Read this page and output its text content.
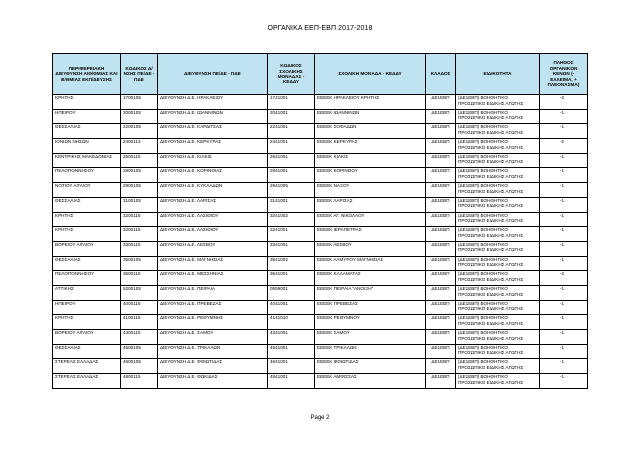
ΟΡΓΑΝΙΚΑ ΕΕΠ-ΕΒΠ 2017-2018
ΠΕΡΙΦΕΡΕΙΑΚΗ ΔΙΕΥΘΥΝΣΗ ΑΙΘ/ΘΜΙΑΣ ΚΑΙ Β/ΘΜΙΑΣ ΕΚΠ/ΔΕΥΣΗΣ	ΚΩΔΙΚΟΣ Δ/ΝΣΗΣ ΠΕ/ΔΕ - ΠΔΕ	ΔΙΕΥΘΥΝΣΗ ΠΕ/ΔΕ - ΠΔΕ	ΚΩΔΙΚΟΣ ΣΧΟΛΙΚΗΣ ΜΟΝΑΔΑΣ - ΚΕΔΔΥ	ΣΧΟΛΙΚΗ ΜΟΝΑΔΑ - ΚΕΔΔΥ	ΚΛΑΔΟΣ	ΕΙΔΙΚΟΤΗΤΑ	ΠΛΗΘΟΣ ΟΡΓΑΝΙΚΩΝ ΚΕΝΩΝ (- ΕΛΛΕΙΜΑ, + ΠΛΕΟΝΑΣΜΑ)
ΚΡΗΤΗΣ	1700105	ΔΙΕΥΘΥΝΣΗ Δ.Ε. ΗΡΑΚΛΕΙΟΥ	1741001	ΕΕΕΕΚ ΗΡΑΚΛΕΙΟΥ ΚΡΗΤΗΣ	ΔΕ1ΕΒΠ	(ΔΕ1ΕΒΠ) ΒΟΗΘΗΤΙΚΟ
ΠΡΟΣΩΠΙΚΟ ΕΙΔΙΚΗΣ ΑΓΩΓΗΣ	-2
ΗΠΕΙΡΟΥ	2000105	ΔΙΕΥΘΥΝΣΗ Δ.Ε. ΙΩΑΝΝΙΝΩΝ	2041001	ΕΕΕΕΚ ΙΩΑΝΝΙΝΩΝ	ΔΕ1ΕΒΠ	(ΔΕ1ΕΒΠ) ΒΟΗΘΗΤΙΚΟ
ΠΡΟΣΩΠΙΚΟ ΕΙΔΙΚΗΣ ΑΓΩΓΗΣ	-1
ΘΕΣΣΑΛΙΑΣ	2200105	ΔΙΕΥΘΥΝΣΗ Δ.Ε. ΚΑΡΔΙΤΣΑΣ	2241001	ΕΕΕΕΚ ΣΟΦΑΔΩΝ	ΔΕ1ΕΒΠ	(ΔΕ1ΕΒΠ) ΒΟΗΘΗΤΙΚΟ
ΠΡΟΣΩΠΙΚΟ ΕΙΔΙΚΗΣ ΑΓΩΓΗΣ	-1
ΙΟΝΙΩΝ ΝΗΣΩΝ	2400113	ΔΙΕΥΘΥΝΣΗ Δ.Ε. ΚΕΡΚΥΡΑΣ	2441001	ΕΕΕΕΚ ΚΕΡΚΥΡΑΣ	ΔΕ1ΕΒΠ	(ΔΕ1ΕΒΠ) ΒΟΗΘΗΤΙΚΟ
ΠΡΟΣΩΠΙΚΟ ΕΙΔΙΚΗΣ ΑΓΩΓΗΣ	-2
ΚΕΝΤΡΙΚΗΣ ΜΑΚΕΔΟΝΙΑΣ	2600115	ΔΙΕΥΘΥΝΣΗ Δ.Ε. ΚΙΛΚΙΣ	2641001	ΕΕΕΕΚ ΚΙΛΚΙΣ	ΔΕ1ΕΒΠ	(ΔΕ1ΕΒΠ) ΒΟΗΘΗΤΙΚΟ
ΠΡΟΣΩΠΙΚΟ ΕΙΔΙΚΗΣ ΑΓΩΓΗΣ	-1
ΠΕΛΟΠΟΝΝΗΣΟΥ	2800105	ΔΙΕΥΘΥΝΣΗ Δ.Ε. ΚΟΡΙΝΘΙΑΣ	2841001	ΕΕΕΕΚ ΚΟΡΙΝΘΟΥ	ΔΕ1ΕΒΠ	(ΔΕ1ΕΒΠ) ΒΟΗΘΗΤΙΚΟ
ΠΡΟΣΩΠΙΚΟ ΕΙΔΙΚΗΣ ΑΓΩΓΗΣ	-1
ΝΟΤΙΟΥ ΑΙΓΑΙΟΥ	2900105	ΔΙΕΥΘΥΝΣΗ Δ.Ε. ΚΥΚΛΑΔΩΝ	2941005	ΕΕΕΕΚ ΝΑΞΟΥ	ΔΕ1ΕΒΠ	(ΔΕ1ΕΒΠ) ΒΟΗΘΗΤΙΚΟ
ΠΡΟΣΩΠΙΚΟ ΕΙΔΙΚΗΣ ΑΓΩΓΗΣ	-1
ΘΕΣΣΑΛΙΑΣ	3100105	ΔΙΕΥΘΥΝΣΗ Δ.Ε. ΛΑΡΙΣΑΣ	3141001	ΕΕΕΕΚ ΛΑΡΙΣΑΣ	ΔΕ1ΕΒΠ	(ΔΕ1ΕΒΠ) ΒΟΗΘΗΤΙΚΟ
ΠΡΟΣΩΠΙΚΟ ΕΙΔΙΚΗΣ ΑΓΩΓΗΣ	-1
ΚΡΗΤΗΣ	3200115	ΔΙΕΥΘΥΝΣΗ Δ.Ε. ΛΑΣΙΘΙΟΥ	3241002	ΕΕΕΕΚ ΑΓ. ΝΙΚΟΛΑΟΥ	ΔΕ1ΕΒΠ	(ΔΕ1ΕΒΠ) ΒΟΗΘΗΤΙΚΟ
ΠΡΟΣΩΠΙΚΟ ΕΙΔΙΚΗΣ ΑΓΩΓΗΣ	-1
ΚΡΗΤΗΣ	3200115	ΔΙΕΥΘΥΝΣΗ Δ.Ε. ΛΑΣΙΘΙΟΥ	3241001	ΕΕΕΕΚ ΙΕΡΑΠΕΤΡΑΣ	ΔΕ1ΕΒΠ	(ΔΕ1ΕΒΠ) ΒΟΗΘΗΤΙΚΟ
ΠΡΟΣΩΠΙΚΟ ΕΙΔΙΚΗΣ ΑΓΩΓΗΣ	-1
ΒΟΡΕΙΟΥ ΑΙΓΑΙΟΥ	3300115	ΔΙΕΥΘΥΝΣΗ Δ.Ε. ΛΕΣΒΟΥ	3341001	ΕΕΕΕΚ ΛΕΣΒΟΥ	ΔΕ1ΕΒΠ	(ΔΕ1ΕΒΠ) ΒΟΗΘΗΤΙΚΟ
ΠΡΟΣΩΠΙΚΟ ΕΙΔΙΚΗΣ ΑΓΩΓΗΣ	-1
ΘΕΣΣΑΛΙΑΣ	3500105	ΔΙΕΥΘΥΝΣΗ Δ.Ε. ΜΑΓΝΗΣΙΑΣ	3541002	ΕΕΕΕΚ ΑΛΜΥΡΟΥ ΜΑΓΝΗΣΙΑΣ	ΔΕ1ΕΒΠ	(ΔΕ1ΕΒΠ) ΒΟΗΘΗΤΙΚΟ
ΠΡΟΣΩΠΙΚΟ ΕΙΔΙΚΗΣ ΑΓΩΓΗΣ	-1
ΠΕΛΟΠΟΝΝΗΣΟΥ	3600115	ΔΙΕΥΘΥΝΣΗ Δ.Ε. ΜΕΣΣΗΝΙΑΣ	3641001	ΕΕΕΕΚ ΚΑΛΑΜΑΤΑΣ	ΔΕ1ΕΒΠ	(ΔΕ1ΕΒΠ) ΒΟΗΘΗΤΙΚΟ
ΠΡΟΣΩΠΙΚΟ ΕΙΔΙΚΗΣ ΑΓΩΓΗΣ	-2
ΑΤΤΙΚΗΣ	5200105	ΔΙΕΥΘΥΝΣΗ Δ.Ε. ΠΕΙΡΑΙΑ	0559001	ΕΕΕΕΚ ΠΕΙΡΑΙΑ "ΑΝΟΙΞΗ"	ΔΕ1ΕΒΠ	(ΔΕ1ΕΒΠ) ΒΟΗΘΗΤΙΚΟ
ΠΡΟΣΩΠΙΚΟ ΕΙΔΙΚΗΣ ΑΓΩΓΗΣ	-1
ΗΠΕΙΡΟΥ	4000115	ΔΙΕΥΘΥΝΣΗ Δ.Ε. ΠΡΕΒΕΖΑΣ	4041001	ΕΕΕΕΚ ΠΡΕΒΕΖΑΣ	ΔΕ1ΕΒΠ	(ΔΕ1ΕΒΠ) ΒΟΗΘΗΤΙΚΟ
ΠΡΟΣΩΠΙΚΟ ΕΙΔΙΚΗΣ ΑΓΩΓΗΣ	-1
ΚΡΗΤΗΣ	4100115	ΔΙΕΥΘΥΝΣΗ Δ.Ε. ΡΕΘΥΜΝΗΣ	4141010	ΕΕΕΕΚ ΡΕΘΥΜΝΟΥ	ΔΕ1ΕΒΠ	(ΔΕ1ΕΒΠ) ΒΟΗΘΗΤΙΚΟ
ΠΡΟΣΩΠΙΚΟ ΕΙΔΙΚΗΣ ΑΓΩΓΗΣ	-1
ΒΟΡΕΙΟΥ ΑΙΓΑΙΟΥ	4300115	ΔΙΕΥΘΥΝΣΗ Δ.Ε. ΣΑΜΟΥ	4341001	ΕΕΕΕΚ ΣΑΜΟΥ	ΔΕ1ΕΒΠ	(ΔΕ1ΕΒΠ) ΒΟΗΘΗΤΙΚΟ
ΠΡΟΣΩΠΙΚΟ ΕΙΔΙΚΗΣ ΑΓΩΓΗΣ	-1
ΘΕΣΣΑΛΙΑΣ	4500105	ΔΙΕΥΘΥΝΣΗ Δ.Ε. ΤΡΙΚΑΛΩΝ	4541001	ΕΕΕΕΚ ΤΡΙΚΑΛΩΝ	ΔΕ1ΕΒΠ	(ΔΕ1ΕΒΠ) ΒΟΗΘΗΤΙΚΟ
ΠΡΟΣΩΠΙΚΟ ΕΙΔΙΚΗΣ ΑΓΩΓΗΣ	-1
ΣΤΕΡΕΑΣ ΕΛΛΑΔΑΣ	4600105	ΔΙΕΥΘΥΝΣΗ Δ.Ε. ΦΘΙΩΤΙΔΑΣ	4641001	ΕΕΕΕΚ ΦΘΙΩΤΙΔΑΣ	ΔΕ1ΕΒΠ	(ΔΕ1ΕΒΠ) ΒΟΗΘΗΤΙΚΟ
ΠΡΟΣΩΠΙΚΟ ΕΙΔΙΚΗΣ ΑΓΩΓΗΣ	-1
ΣΤΕΡΕΑΣ ΕΛΛΑΔΑΣ	4800115	ΔΙΕΥΘΥΝΣΗ Δ.Ε. ΦΩΚΙΔΑΣ	4841001	ΕΕΕΕΚ ΑΜΦΙΣΣΑΣ	ΔΕ1ΕΒΠ	(ΔΕ1ΕΒΠ) ΒΟΗΘΗΤΙΚΟ
ΠΡΟΣΩΠΙΚΟ ΕΙΔΙΚΗΣ ΑΓΩΓΗΣ	-1
Page 2
